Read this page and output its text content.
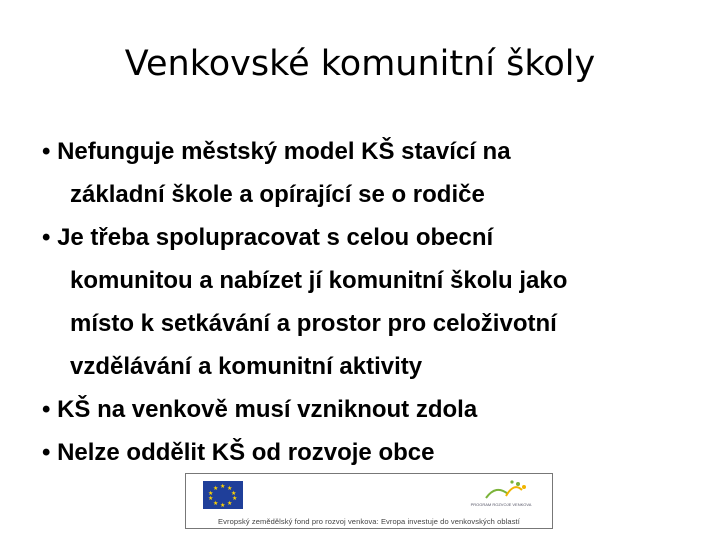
Venkovské komunitní školy
• Nefunguje městský model KŠ stavící na
základní škole a opírající se o rodiče
• Je třeba spolupracovat s celou obecní
komunitou a nabízet jí komunitní školu jako
místo k setkávání a prostor pro celoživotní
vzdělávání a komunitní aktivity
• KŠ na venkově musí vzniknout zdola
• Nelze oddělit KŠ od rozvoje obce
★ ★
★
★
★
★
★
★
★
★
PROGRAM ROZVOJE VENKOVA
Evropský zemědělský fond pro rozvoj venkova: Evropa investuje do venkovských oblastí
